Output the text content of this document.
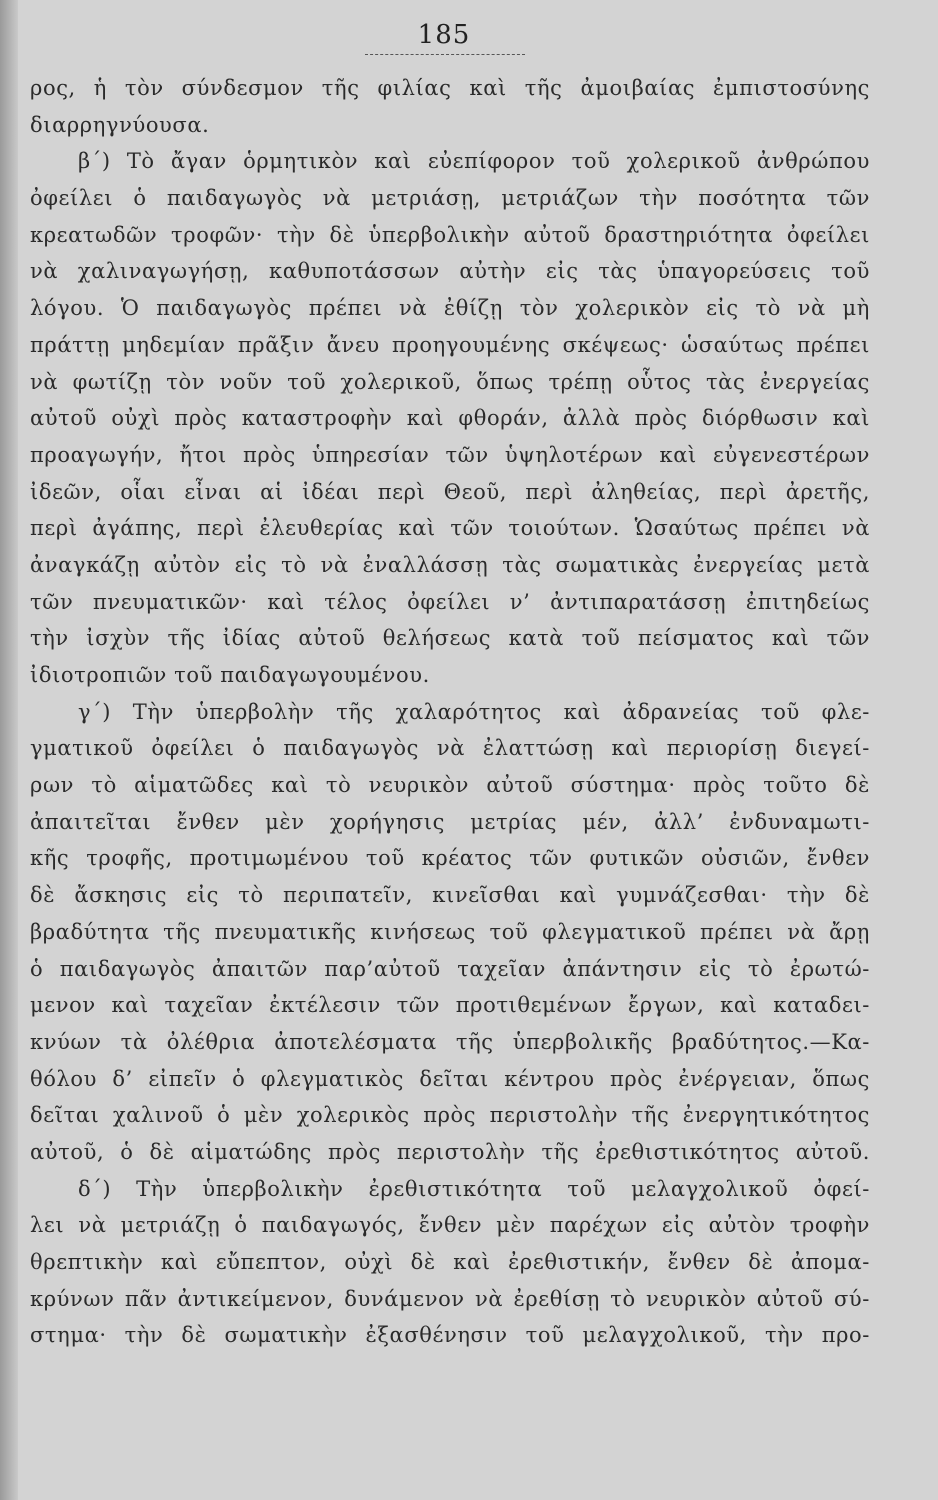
185
ρος, ἡ τὸν σύνδεσμον τῆς φιλίας καὶ τῆς ἀμοιβαίας ἐμπιστοσύνης
διαρρηγνύουσα.
β΄) Τὸ ἄγαν ὁρμητικὸν καὶ εὐεπίφορον τοῦ χολερικοῦ ἀνθρώπου
ὀφείλει ὁ παιδαγωγὸς νὰ μετριάσῃ, μετριάζων τὴν ποσότητα τῶν
κρεατωδῶν τροφῶν· τὴν δὲ ὑπερβολικὴν αὐτοῦ δραστηριότητα ὀφείλει
νὰ χαλιναγωγήσῃ, καθυποτάσσων αὐτὴν εἰς τὰς ὑπαγορεύσεις τοῦ
λόγου. Ὁ παιδαγωγὸς πρέπει νὰ ἐθίζῃ τὸν χολερικὸν εἰς τὸ νὰ μὴ
πράττῃ μηδεμίαν πρᾶξιν ἄνευ προηγουμένης σκέψεως· ὡσαύτως πρέπει
νὰ φωτίζῃ τὸν νοῦν τοῦ χολερικοῦ, ὅπως τρέπῃ οὗτος τὰς ἐνεργείας
αὐτοῦ οὐχὶ πρὸς καταστροφὴν καὶ φθοράν, ἀλλὰ πρὸς διόρθωσιν καὶ
προαγωγήν, ἤτοι πρὸς ὑπηρεσίαν τῶν ὑψηλοτέρων καὶ εὐγενεστέρων
ἰδεῶν, οἷαι εἶναι αἱ ἰδέαι περὶ Θεοῦ, περὶ ἀληθείας, περὶ ἀρετῆς,
περὶ ἀγάπης, περὶ ἐλευθερίας καὶ τῶν τοιούτων. Ὡσαύτως πρέπει νὰ
ἀναγκάζῃ αὐτὸν εἰς τὸ νὰ ἐναλλάσσῃ τὰς σωματικὰς ἐνεργείας μετὰ
τῶν πνευματικῶν· καὶ τέλος ὀφείλει ν’ ἀντιπαρατάσσῃ ἐπιτηδείως
τὴν ἰσχὺν τῆς ἰδίας αὐτοῦ θελήσεως κατὰ τοῦ πείσματος καὶ τῶν
ἰδιοτροπιῶν τοῦ παιδαγωγουμένου.
γ΄) Τὴν ὑπερβολὴν τῆς χαλαρότητος καὶ ἀδρανείας τοῦ φλε-
γματικοῦ ὀφείλει ὁ παιδαγωγὸς νὰ ἐλαττώσῃ καὶ περιορίσῃ διεγεί-
ρων τὸ αἱματῶδες καὶ τὸ νευρικὸν αὐτοῦ σύστημα· πρὸς τοῦτο δὲ
ἀπαιτεῖται ἔνθεν μὲν χορήγησις μετρίας μέν, ἀλλ’ ἐνδυναμωτι-
κῆς τροφῆς, προτιμωμένου τοῦ κρέατος τῶν φυτικῶν οὐσιῶν, ἔνθεν
δὲ ἄσκησις εἰς τὸ περιπατεῖν, κινεῖσθαι καὶ γυμνάζεσθαι· τὴν δὲ
βραδύτητα τῆς πνευματικῆς κινήσεως τοῦ φλεγματικοῦ πρέπει νὰ ἄρῃ
ὁ παιδαγωγὸς ἀπαιτῶν παρ’αὐτοῦ ταχεῖαν ἀπάντησιν εἰς τὸ ἐρωτώ-
μενον καὶ ταχεῖαν ἐκτέλεσιν τῶν προτιθεμένων ἔργων, καὶ καταδει-
κνύων τὰ ὀλέθρια ἀποτελέσματα τῆς ὑπερβολικῆς βραδύτητος.—Κα-
θόλου δ’ εἰπεῖν ὁ φλεγματικὸς δεῖται κέντρου πρὸς ἐνέργειαν, ὅπως
δεῖται χαλινοῦ ὁ μὲν χολερικὸς πρὸς περιστολὴν τῆς ἐνεργητικότητος
αὐτοῦ, ὁ δὲ αἱματώδης πρὸς περιστολὴν τῆς ἐρεθιστικότητος αὐτοῦ.
δ΄) Τὴν ὑπερβολικὴν ἐρεθιστικότητα τοῦ μελαγχολικοῦ ὀφεί-
λει νὰ μετριάζῃ ὁ παιδαγωγός, ἔνθεν μὲν παρέχων εἰς αὐτὸν τροφὴν
θρεπτικὴν καὶ εὔπεπτον, οὐχὶ δὲ καὶ ἐρεθιστικήν, ἔνθεν δὲ ἀπομα-
κρύνων πᾶν ἀντικείμενον, δυνάμενον νὰ ἐρεθίσῃ τὸ νευρικὸν αὐτοῦ σύ-
στημα· τὴν δὲ σωματικὴν ἐξασθένησιν τοῦ μελαγχολικοῦ, τὴν προ-
